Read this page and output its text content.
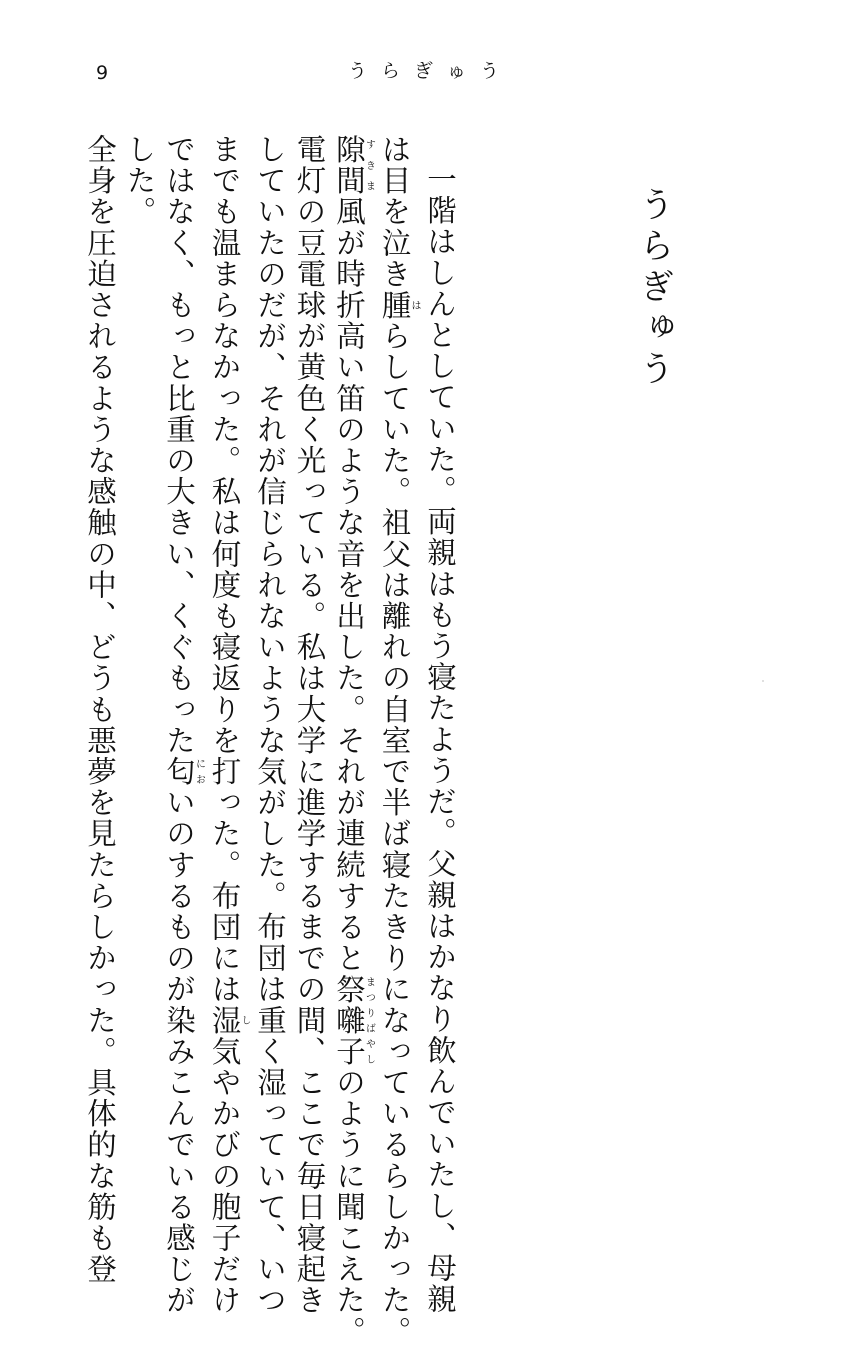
9	うらぎゅう
うらぎゅう
一階はしんとしていた。両親はもう寝たようだ。父親はかなり飲んでいたし、母親
は目を泣き腫はらしていた。祖父は離れの自室で半ば寝たきりになっているらしかった。
隙間すきま風が時折高い笛のような音を出した。それが連続すると祭囃子まつりばやしのように聞こえた。
電灯の豆電球が黄色く光っている。私は大学に進学するまでの間、ここで毎日寝起き
していたのだが、それが信じられないような気がした。布団は重く湿っていて、いつ
までも温まらなかった。私は何度も寝返りを打った。布団には湿し気やかびの胞子だけ
ではなく、もっと比重の大きい、くぐもった匂においのするものが染みこんでいる感じが
した。
全身を圧迫されるような感触の中、どうも悪夢を見たらしかった。具体的な筋も登
